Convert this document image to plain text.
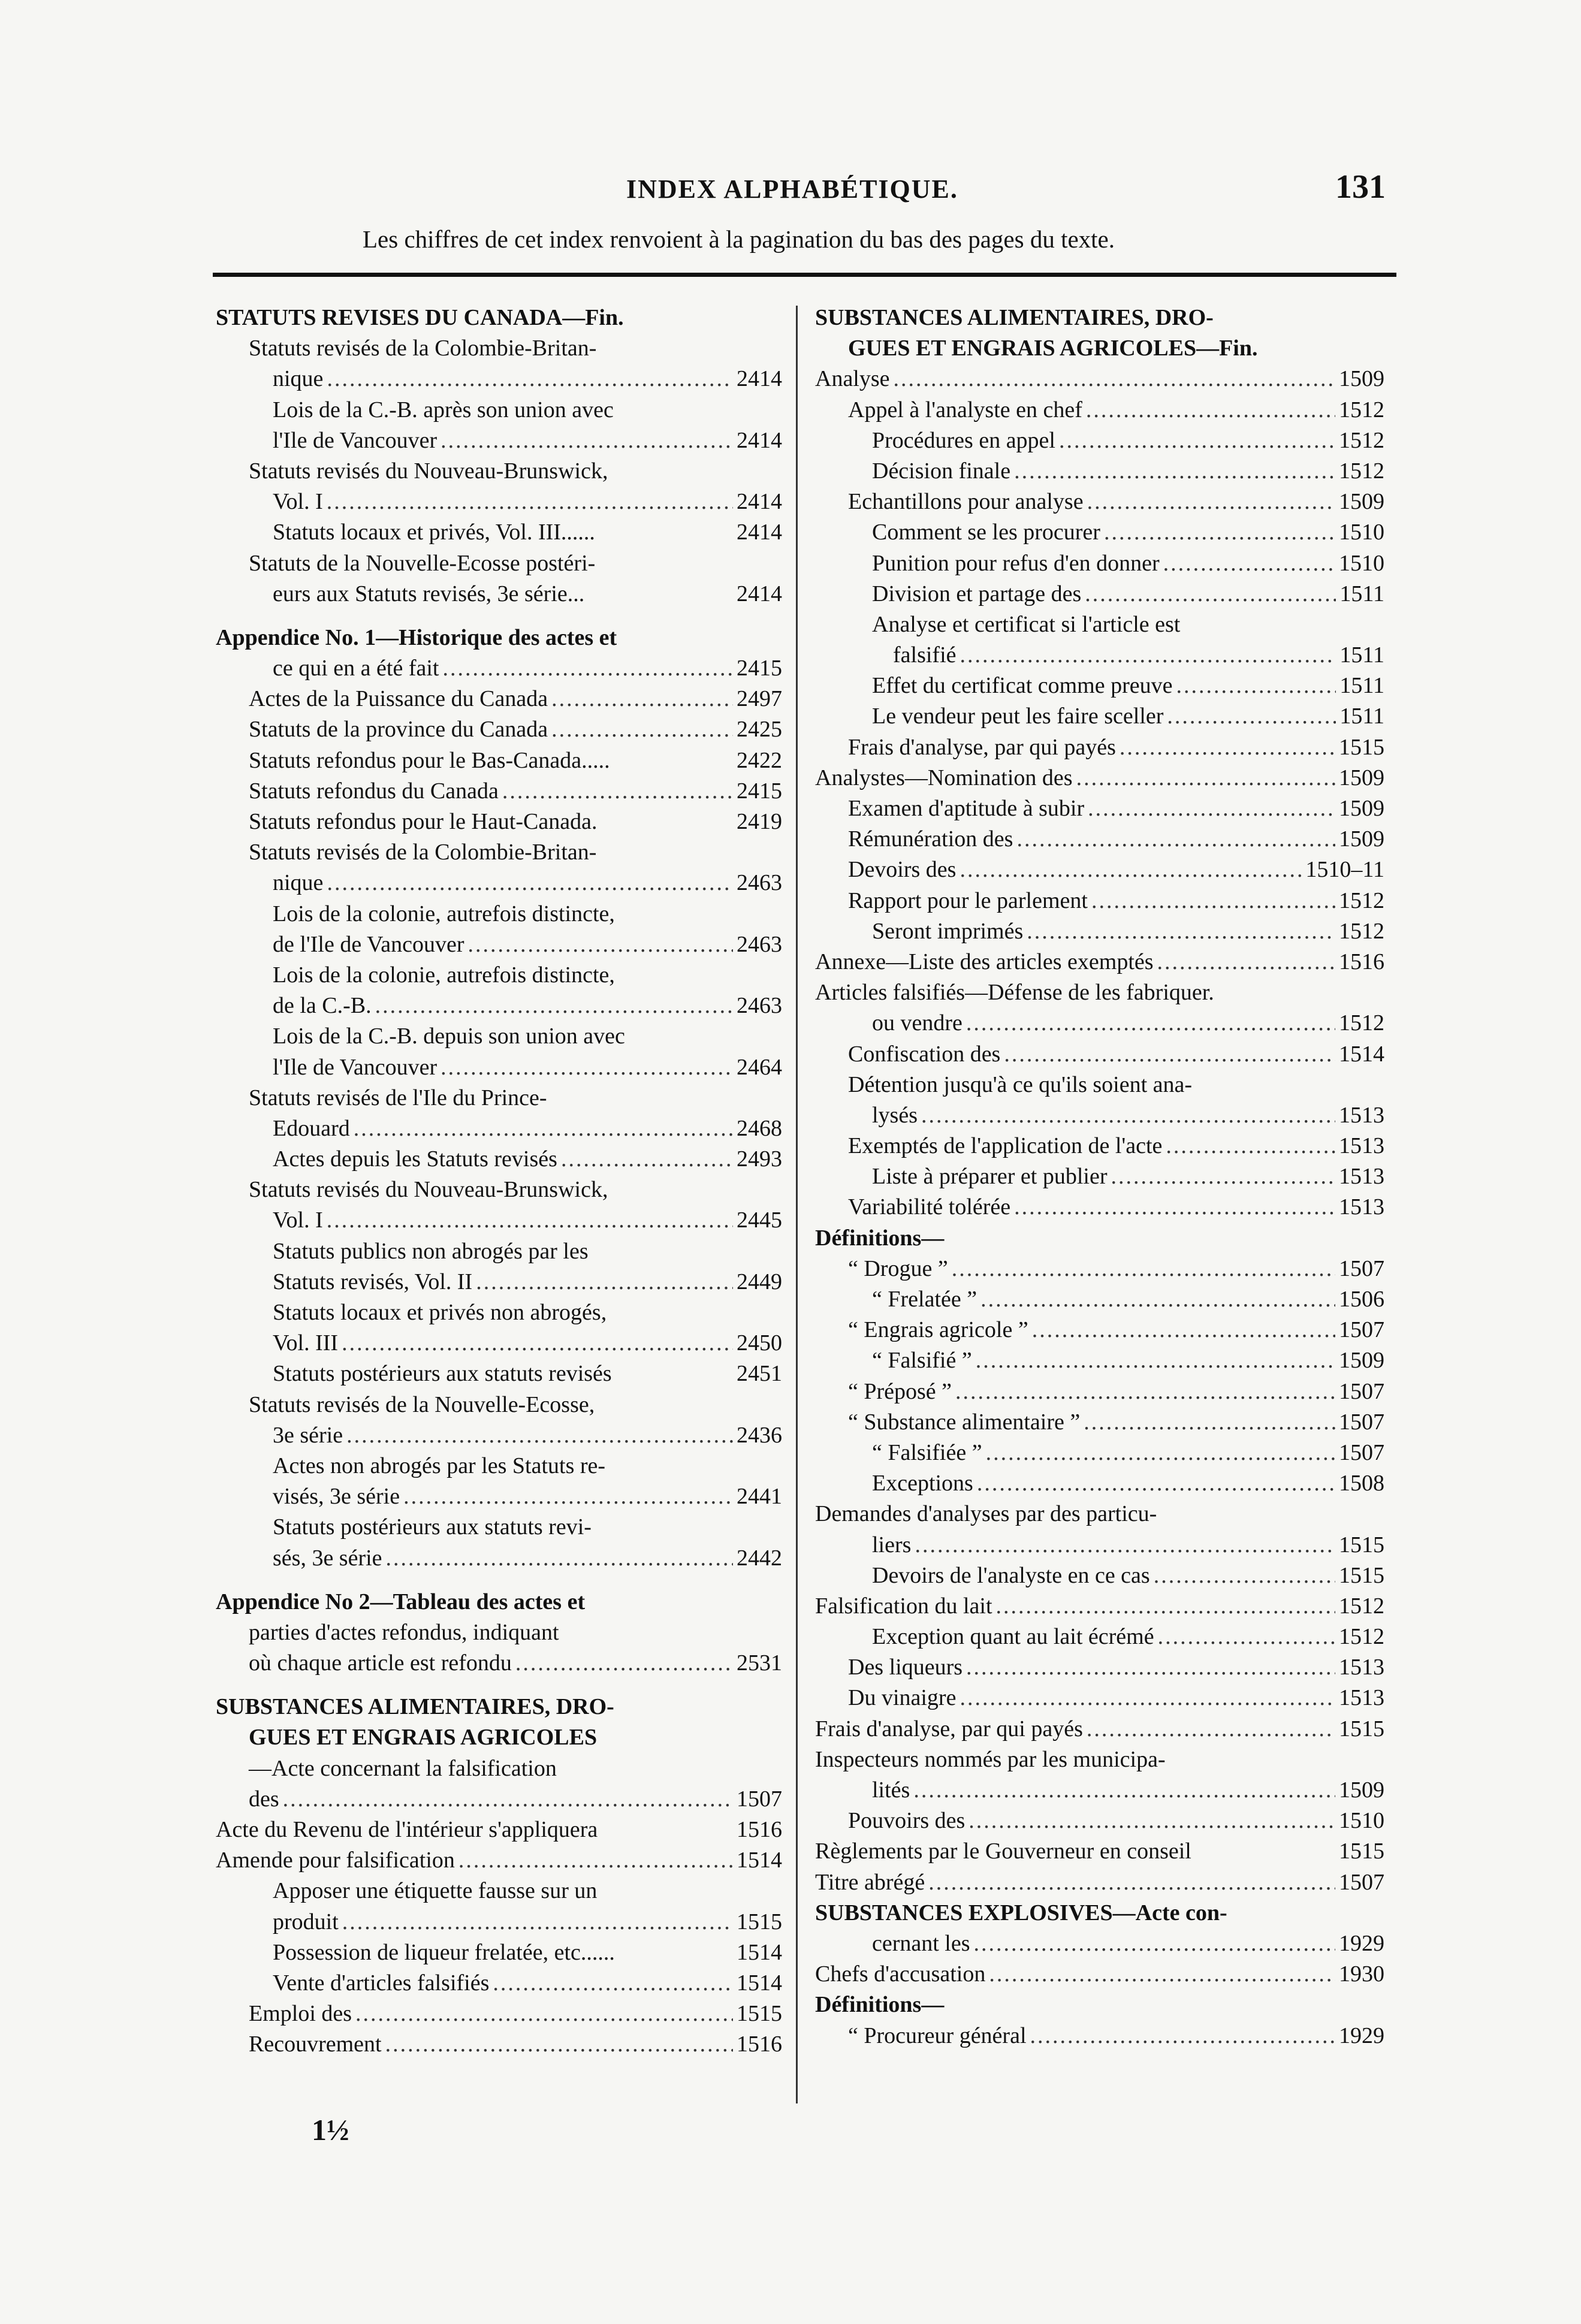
INDEX ALPHABÉTIQUE.	131
Les chiffres de cet index renvoient à la pagination du bas des pages du texte.
STATUTS REVISES DU CANADA—Fin.
Statuts revisés de la Colombie-Britan-
nique .....	2414
Lois de la C.-B. après son union avec
l'Ile de Vancouver .....	2414
Statuts revisés du Nouveau-Brunswick,
Vol. I .....	2414
Statuts locaux et privés, Vol. III......	2414
Statuts de la Nouvelle-Ecosse postéri-
eurs aux Statuts revisés, 3e série...	2414
Appendice No. 1—Historique des actes et
ce qui en a été fait .....	2415
Actes de la Puissance du Canada .....	2497
Statuts de la province du Canada .....	2425
Statuts refondus pour le Bas-Canada.....	2422
Statuts refondus du Canada .....	2415
Statuts refondus pour le Haut-Canada.	2419
Statuts revisés de la Colombie-Britan-
nique .....	2463
Lois de la colonie, autrefois distincte,
de l'Ile de Vancouver .....	2463
Lois de la colonie, autrefois distincte,
de la C.-B. .....	2463
Lois de la C.-B. depuis son union avec
l'Ile de Vancouver .....	2464
Statuts revisés de l'Ile du Prince-
Edouard .....	2468
Actes depuis les Statuts revisés .....	2493
Statuts revisés du Nouveau-Brunswick,
Vol. I .....	2445
Statuts publics non abrogés par les
Statuts revisés, Vol. II .....	2449
Statuts locaux et privés non abrogés,
Vol. III .....	2450
Statuts postérieurs aux statuts revisés	2451
Statuts revisés de la Nouvelle-Ecosse,
3e série .....	2436
Actes non abrogés par les Statuts re-
visés, 3e série .....	2441
Statuts postérieurs aux statuts revi-
sés, 3e série .....	2442
Appendice No 2—Tableau des actes et
parties d'actes refondus, indiquant
où chaque article est refondu .....	2531
SUBSTANCES ALIMENTAIRES, DRO-
GUES ET ENGRAIS AGRICOLES
—Acte concernant la falsification
des .....	1507
Acte du Revenu de l'intérieur s'appliquera	1516
Amende pour falsification .....	1514
Apposer une étiquette fausse sur un
produit .....	1515
Possession de liqueur frelatée, etc......	1514
Vente d'articles falsifiés .....	1514
Emploi des .....	1515
Recouvrement .....	1516
SUBSTANCES ALIMENTAIRES, DRO-
GUES ET ENGRAIS AGRICOLES—Fin.
Analyse .....	1509
Appel à l'analyste en chef .....	1512
Procédures en appel .....	1512
Décision finale .....	1512
Echantillons pour analyse .....	1509
Comment se les procurer .....	1510
Punition pour refus d'en donner .....	1510
Division et partage des .....	1511
Analyse et certificat si l'article est
falsifié .....	1511
Effet du certificat comme preuve .....	1511
Le vendeur peut les faire sceller .....	1511
Frais d'analyse, par qui payés .....	1515
Analystes—Nomination des .....	1509
Examen d'aptitude à subir .....	1509
Rémunération des .....	1509
Devoirs des .....	1510–11
Rapport pour le parlement .....	1512
Seront imprimés .....	1512
Annexe—Liste des articles exemptés .....	1516
Articles falsifiés—Défense de les fabriquer.
ou vendre .....	1512
Confiscation des .....	1514
Détention jusqu'à ce qu'ils soient ana-
lysés .....	1513
Exemptés de l'application de l'acte .....	1513
Liste à préparer et publier .....	1513
Variabilité tolérée .....	1513
Définitions—
“ Drogue ” .....	1507
“ Frelatée ” .....	1506
“ Engrais agricole ” .....	1507
“ Falsifié ” .....	1509
“ Préposé ” .....	1507
“ Substance alimentaire ” .....	1507
“ Falsifiée ” .....	1507
Exceptions .....	1508
Demandes d'analyses par des particu-
liers .....	1515
Devoirs de l'analyste en ce cas .....	1515
Falsification du lait .....	1512
Exception quant au lait écrémé .....	1512
Des liqueurs .....	1513
Du vinaigre .....	1513
Frais d'analyse, par qui payés .....	1515
Inspecteurs nommés par les municipa-
lités .....	1509
Pouvoirs des .....	1510
Règlements par le Gouverneur en conseil	1515
Titre abrégé .....	1507
SUBSTANCES EXPLOSIVES—Acte con-
cernant les .....	1929
Chefs d'accusation .....	1930
Définitions—
“ Procureur général .....	1929
1½
